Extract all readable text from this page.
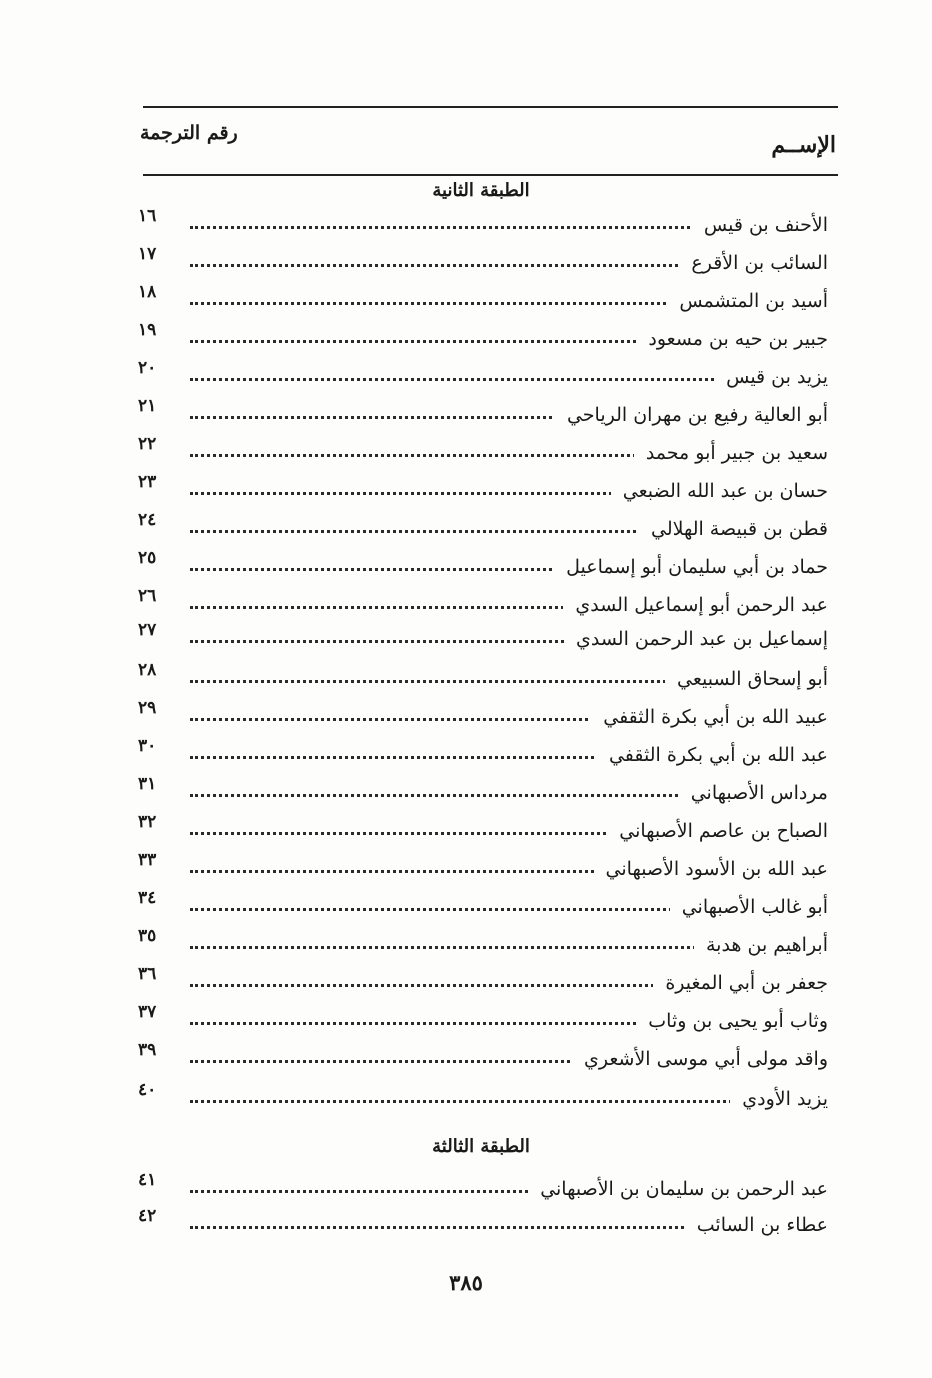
الإســم
رقم الترجمة
الطبقة الثانية
الأحنف بن قيس
١٦
السائب بن الأقرع
١٧
أسيد بن المتشمس
١٨
جبير بن حيه بن مسعود
١٩
يزيد بن قيس
٢٠
أبو العالية رفيع بن مهران الرياحي
٢١
سعيد بن جبير أبو محمد
٢٢
حسان بن عبد الله الضبعي
٢٣
قطن بن قبيصة الهلالي
٢٤
حماد بن أبي سليمان أبو إسماعيل
٢٥
عبد الرحمن أبو إسماعيل السدي
٢٦
إسماعيل بن عبد الرحمن السدي
٢٧
أبو إسحاق السبيعي
٢٨
عبيد الله بن أبي بكرة الثقفي
٢٩
عبد الله بن أبي بكرة الثقفي
٣٠
مرداس الأصبهاني
٣١
الصباح بن عاصم الأصبهاني
٣٢
عبد الله بن الأسود الأصبهاني
٣٣
أبو غالب الأصبهاني
٣٤
أبراهيم بن هدبة
٣٥
جعفر بن أبي المغيرة
٣٦
وثاب أبو يحيى بن وثاب
٣٧
واقد مولى أبي موسى الأشعري
٣٩
يزيد الأودي
٤٠
الطبقة الثالثة
عبد الرحمن بن سليمان بن الأصبهاني
٤١
عطاء بن السائب
٤٢
٣٨٥
